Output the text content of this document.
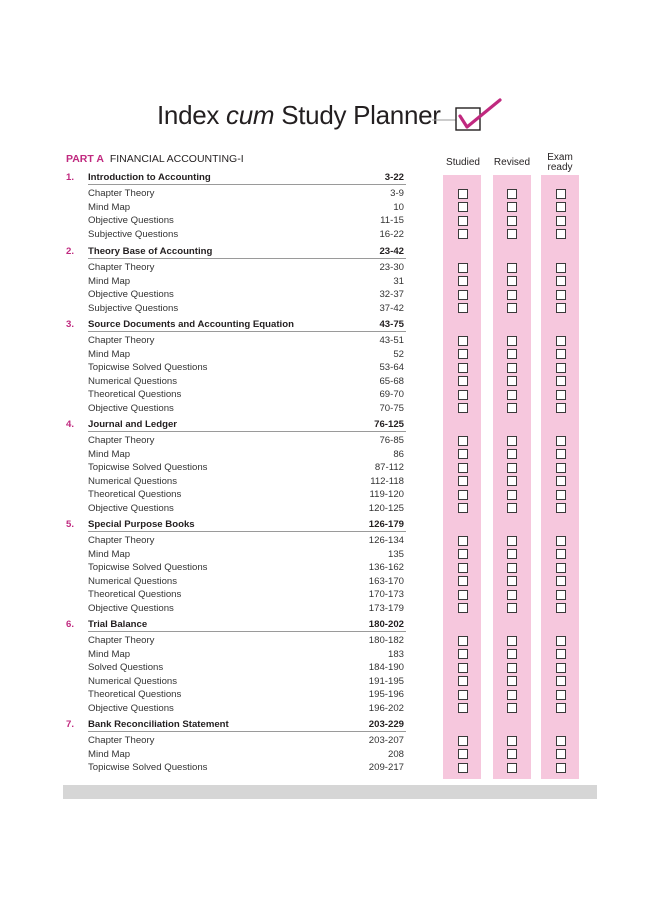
Index cum Study Planner
PART A FINANCIAL ACCOUNTING-I	Studied	Revised	Exam
ready
1. Introduction to Accounting	3-22
Chapter Theory	3-9
Mind Map	10
Objective Questions	11-15
Subjective Questions	16-22
2. Theory Base of Accounting	23-42
Chapter Theory	23-30
Mind Map	31
Objective Questions	32-37
Subjective Questions	37-42
3. Source Documents and Accounting Equation	43-75
Chapter Theory	43-51
Mind Map	52
Topicwise Solved Questions	53-64
Numerical Questions	65-68
Theoretical Questions	69-70
Objective Questions	70-75
4. Journal and Ledger	76-125
Chapter Theory	76-85
Mind Map	86
Topicwise Solved Questions	87-112
Numerical Questions	112-118
Theoretical Questions	119-120
Objective Questions	120-125
5. Special Purpose Books	126-179
Chapter Theory	126-134
Mind Map	135
Topicwise Solved Questions	136-162
Numerical Questions	163-170
Theoretical Questions	170-173
Objective Questions	173-179
6. Trial Balance	180-202
Chapter Theory	180-182
Mind Map	183
Solved Questions	184-190
Numerical Questions	191-195
Theoretical Questions	195-196
Objective Questions	196-202
7. Bank Reconciliation Statement	203-229
Chapter Theory	203-207
Mind Map	208
Topicwise Solved Questions	209-217
